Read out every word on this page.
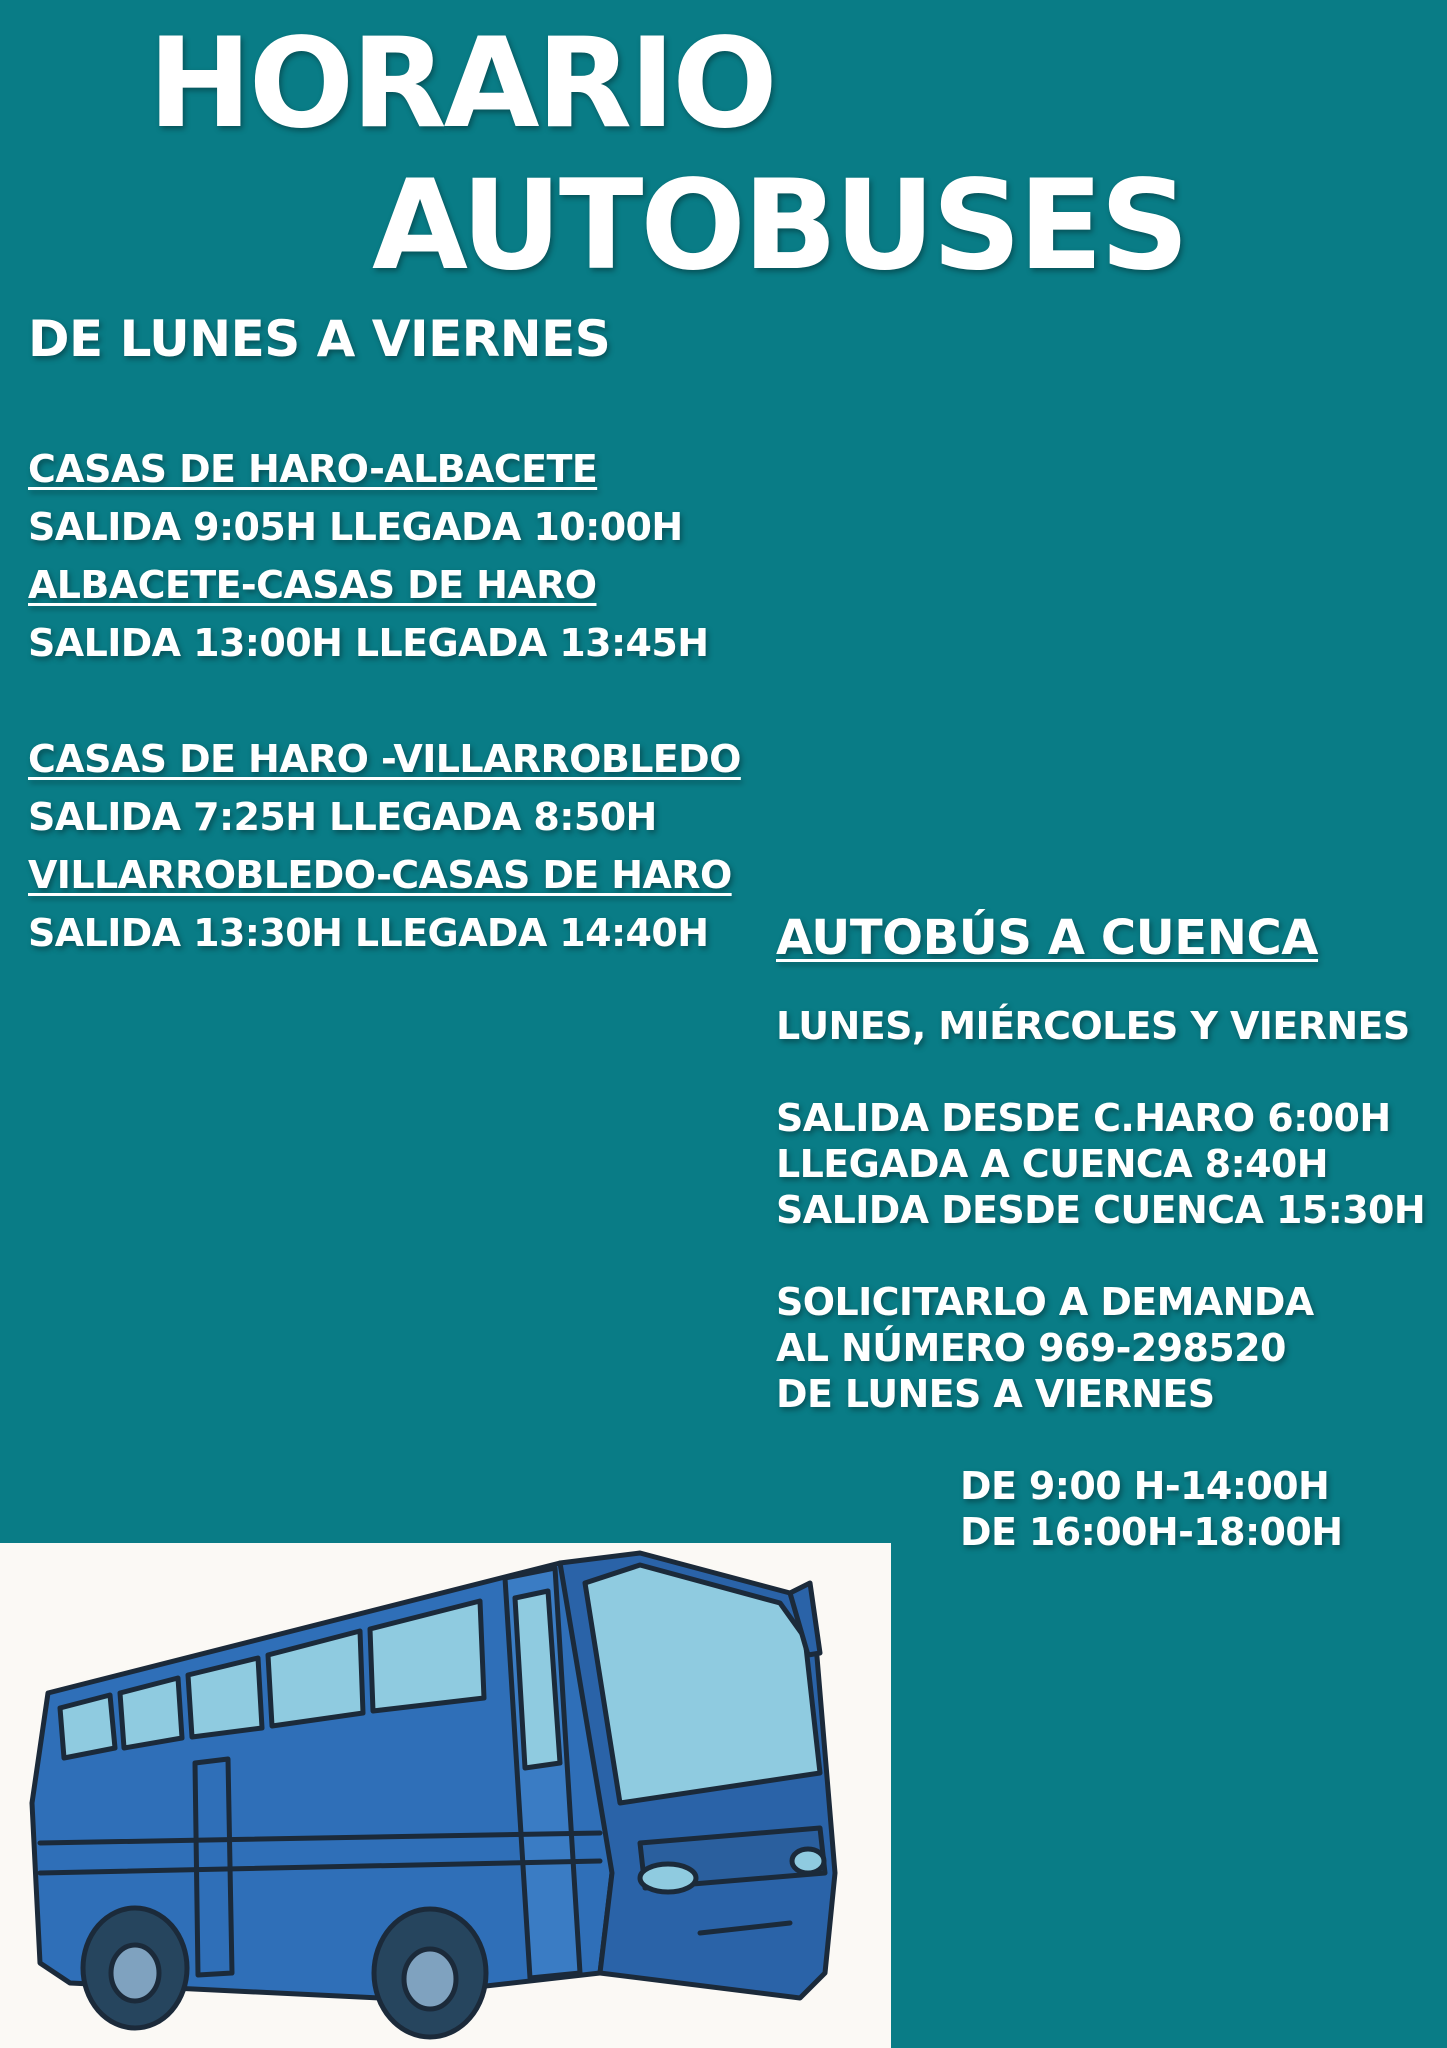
HORARIO
AUTOBUSES
DE LUNES A VIERNES
CASAS DE HARO-ALBACETE
SALIDA 9:05H LLEGADA 10:00H
ALBACETE-CASAS DE HARO
SALIDA 13:00H LLEGADA 13:45H
CASAS DE HARO -VILLARROBLEDO
SALIDA 7:25H LLEGADA 8:50H
VILLARROBLEDO-CASAS DE HARO
SALIDA 13:30H LLEGADA 14:40H	AUTOBÚS A CUENCA
LUNES, MIÉRCOLES Y VIERNES
SALIDA DESDE C.HARO 6:00H
LLEGADA A CUENCA 8:40H
SALIDA DESDE CUENCA 15:30H
SOLICITARLO A DEMANDA
AL NÚMERO 969-298520
DE LUNES A VIERNES
DE 9:00 H-14:00H
DE 16:00H-18:00H
